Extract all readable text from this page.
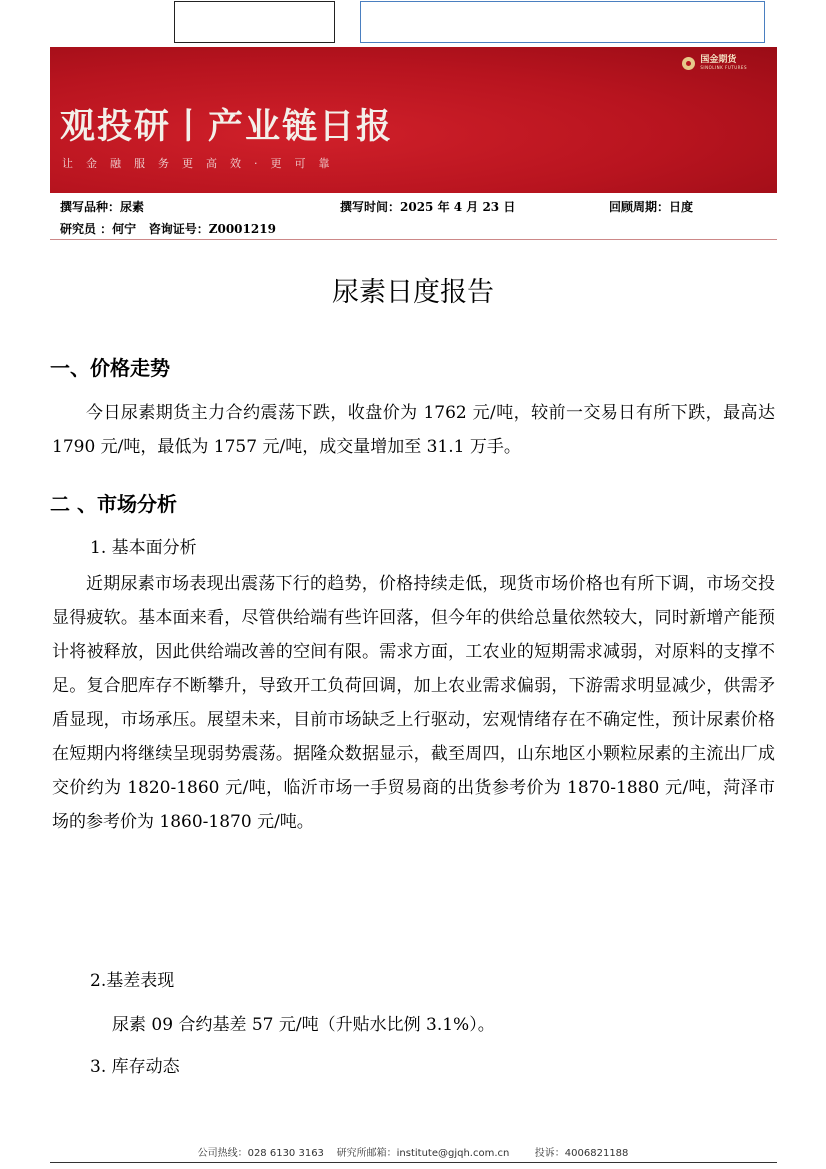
国金期货
SINOLINK FUTURES
观投研丨产业链日报
让金融服务更高效·更可靠
撰写品种：尿素	撰写时间：2025 年 4 月 23 日	回顾周期：日度
研究员 ：何宁   咨询证号：Z0001219
尿素日度报告
一、价格走势

今日尿素期货主力合约震荡下跌，收盘价为 1762 元/吨，较前一交易日有所下跌，最高达 1790 元/吨，最低为 1757 元/吨，成交量增加至 31.1 万手。

二 、市场分析
1. 基本面分析

近期尿素市场表现出震荡下行的趋势，价格持续走低，现货市场价格也有所下调，市场交投显得疲软。基本面来看，尽管供给端有些许回落，但今年的供给总量依然较大，同时新增产能预计将被释放，因此供给端改善的空间有限。需求方面，工农业的短期需求减弱，对原料的支撑不足。复合肥库存不断攀升，导致开工负荷回调，加上农业需求偏弱，下游需求明显减少，供需矛盾显现，市场承压。展望未来，目前市场缺乏上行驱动，宏观情绪存在不确定性，预计尿素价格在短期内将继续呈现弱势震荡。据隆众数据显示，截至周四，山东地区小颗粒尿素的主流出厂成交价约为 1820-1860 元/吨，临沂市场一手贸易商的出货参考价为 1870-1880 元/吨，菏泽市场的参考价为 1860-1870 元/吨。

2.基差表现
尿素 09 合约基差 57 元/吨（升贴水比例 3.1%）。
3. 库存动态
公司热线：028 6130 3163    研究所邮箱：institute@gjqh.com.cn        投诉：4006821188
